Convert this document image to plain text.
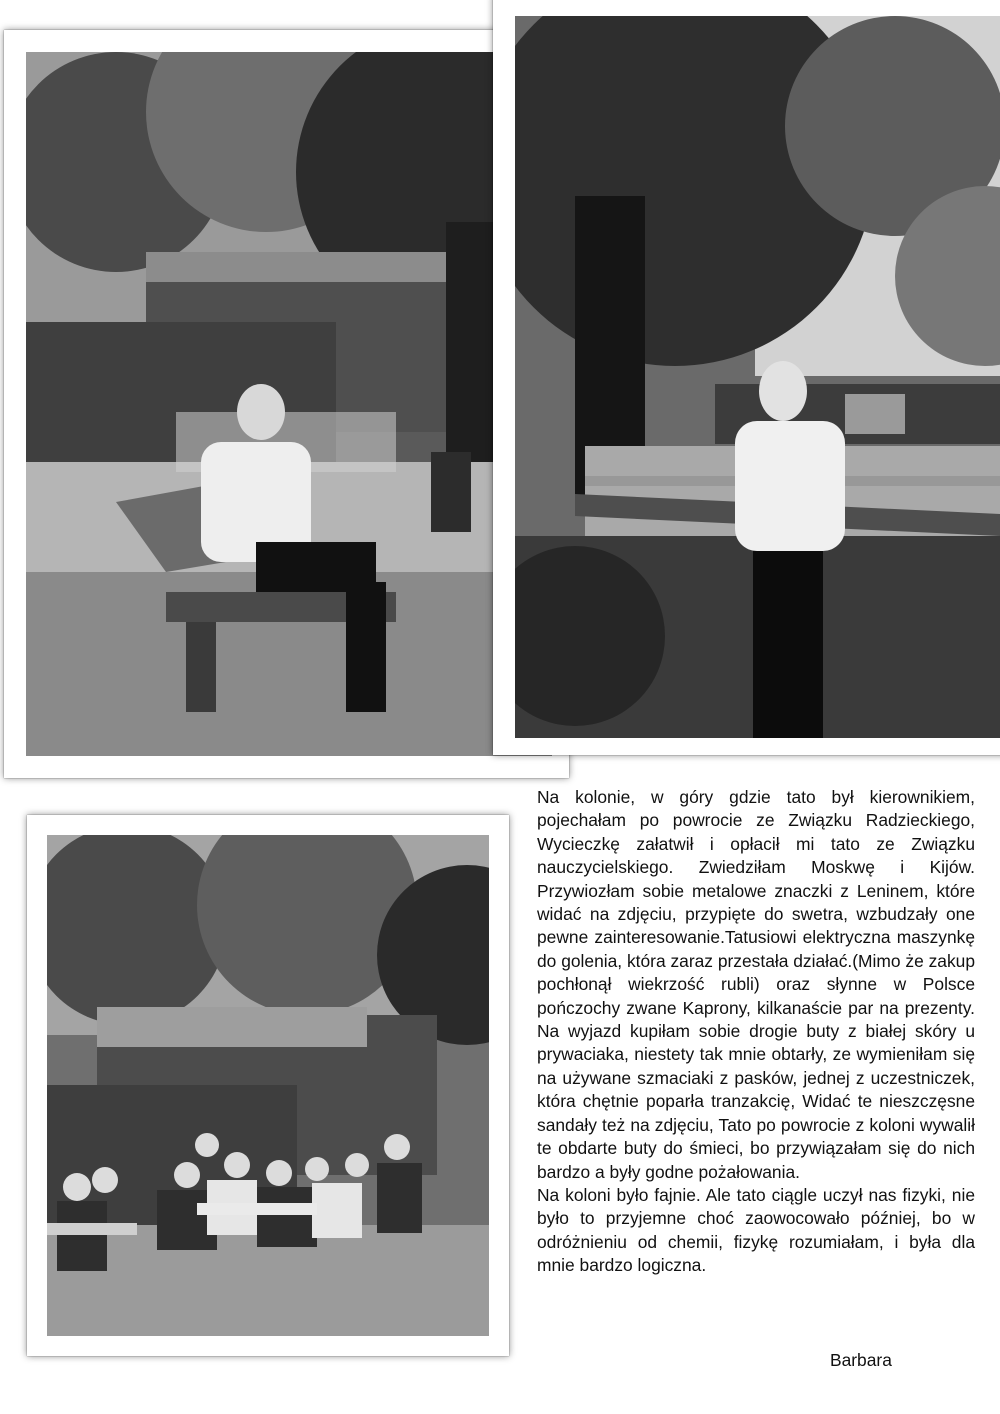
Na kolonie, w góry gdzie tato był kierownikiem, pojechałam po powrocie ze Związku Radzieckiego, Wycieczkę załatwił i opłacił mi tato ze Związku nauczycielskiego. Zwiedziłam Moskwę i Kijów. Przywiozłam sobie metalowe znaczki z Leninem, które widać na zdjęciu, przypięte do swetra, wzbudzały one pewne zainteresowanie.Tatusiowi elektryczna maszynkę do golenia, która zaraz przestała działać.(Mimo że zakup pochłonął wiekrzość rubli) oraz słynne w Polsce pończochy zwane Kaprony, kilkanaście par na prezenty. Na wyjazd kupiłam sobie drogie buty z białej skóry u prywaciaka, niestety tak mnie obtarły, ze wymieniłam się na używane szmaciaki z pasków, jednej z uczestniczek, która chętnie poparła tranzakcię, Widać te nieszczęsne sandały też na zdjęciu, Tato po powrocie z koloni wywalił te obdarte buty do śmieci, bo przywiązałam się do nich bardzo a były godne pożałowania.

Na koloni było fajnie. Ale tato ciągle uczył nas fizyki, nie było to przyjemne choć zaowocowało później, bo w odróżnieniu od chemii, fizykę rozumiałam, i była dla mnie bardzo logiczna.

Barbara
